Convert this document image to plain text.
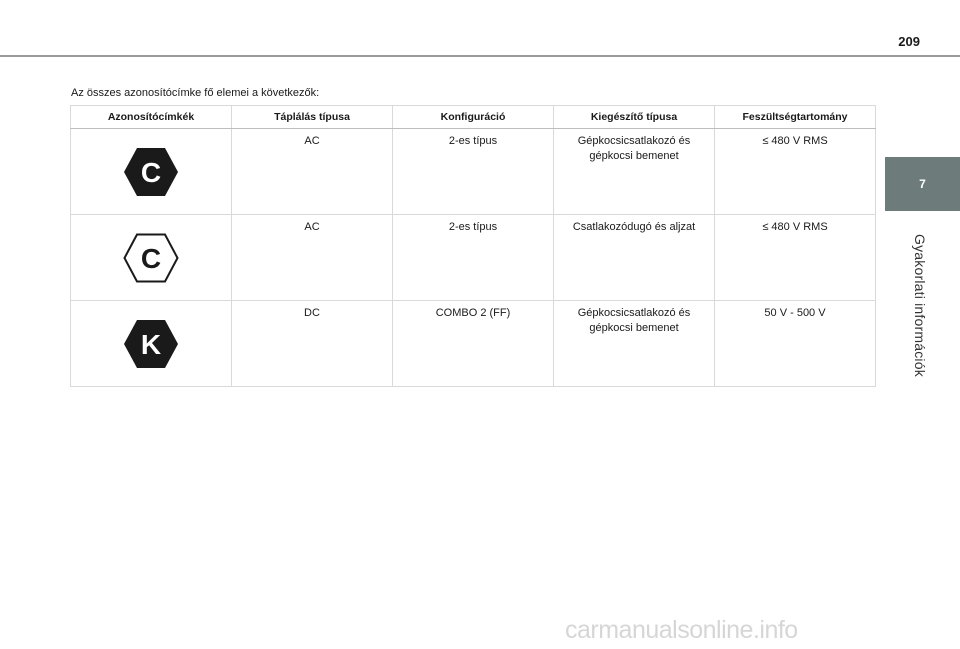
209
7
Gyakorlati információk
Az összes azonosítócímke fő elemei a következők:
Azonosítócímkék	Táplálás típusa	Konfiguráció	Kiegészítő típusa	Feszültségtartomány

C	AC	2-es típus	Gépkocsicsatlakozó és gépkocsi bemenet	≤ 480 V RMS

C	AC	2-es típus	Csatlakozódugó és aljzat	≤ 480 V RMS

K	DC	COMBO 2 (FF)	Gépkocsicsatlakozó és gépkocsi bemenet	50 V - 500 V
carmanualsonline.info
